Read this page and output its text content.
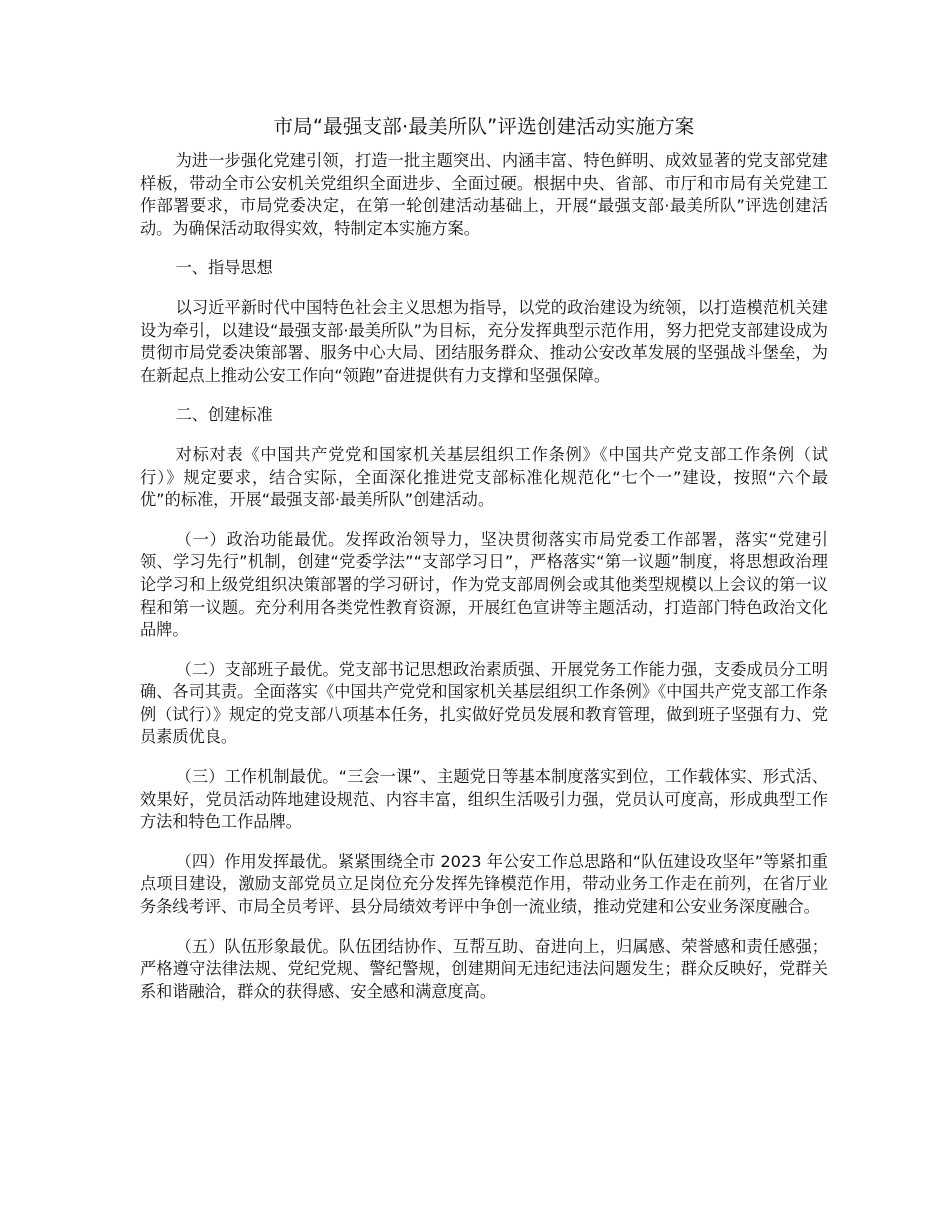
市局“最强支部·最美所队”评选创建活动实施方案

为进一步强化党建引领，打造一批主题突出、内涵丰富、特色鲜明、成效显著的党支部党建样板，带动全市公安机关党组织全面进步、全面过硬。根据中央、省部、市厅和市局有关党建工作部署要求，市局党委决定，在第一轮创建活动基础上，开展“最强支部·最美所队”评选创建活动。为确保活动取得实效，特制定本实施方案。

一、指导思想

以习近平新时代中国特色社会主义思想为指导，以党的政治建设为统领，以打造模范机关建设为牵引，以建设“最强支部·最美所队”为目标，充分发挥典型示范作用，努力把党支部建设成为贯彻市局党委决策部署、服务中心大局、团结服务群众、推动公安改革发展的坚强战斗堡垒，为在新起点上推动公安工作向“领跑”奋进提供有力支撑和坚强保障。

二、创建标准

对标对表《中国共产党党和国家机关基层组织工作条例》《中国共产党支部工作条例（试行）》规定要求，结合实际，全面深化推进党支部标准化规范化“七个一”建设，按照“六个最优”的标准，开展“最强支部·最美所队”创建活动。

（一）政治功能最优。发挥政治领导力，坚决贯彻落实市局党委工作部署，落实“党建引领、学习先行”机制，创建“党委学法”“支部学习日”，严格落实“第一议题”制度，将思想政治理论学习和上级党组织决策部署的学习研讨，作为党支部周例会或其他类型规模以上会议的第一议程和第一议题。充分利用各类党性教育资源，开展红色宣讲等主题活动，打造部门特色政治文化品牌。

（二）支部班子最优。党支部书记思想政治素质强、开展党务工作能力强，支委成员分工明确、各司其责。全面落实《中国共产党党和国家机关基层组织工作条例》《中国共产党支部工作条例（试行）》规定的党支部八项基本任务，扎实做好党员发展和教育管理，做到班子坚强有力、党员素质优良。

（三）工作机制最优。“三会一课”、主题党日等基本制度落实到位，工作载体实、形式活、效果好，党员活动阵地建设规范、内容丰富，组织生活吸引力强，党员认可度高，形成典型工作方法和特色工作品牌。

（四）作用发挥最优。紧紧围绕全市 2023 年公安工作总思路和“队伍建设攻坚年”等紧扣重点项目建设，激励支部党员立足岗位充分发挥先锋模范作用，带动业务工作走在前列，在省厅业务条线考评、市局全员考评、县分局绩效考评中争创一流业绩，推动党建和公安业务深度融合。

（五）队伍形象最优。队伍团结协作、互帮互助、奋进向上，归属感、荣誉感和责任感强；严格遵守法律法规、党纪党规、警纪警规，创建期间无违纪违法问题发生；群众反映好，党群关系和谐融洽，群众的获得感、安全感和满意度高。
